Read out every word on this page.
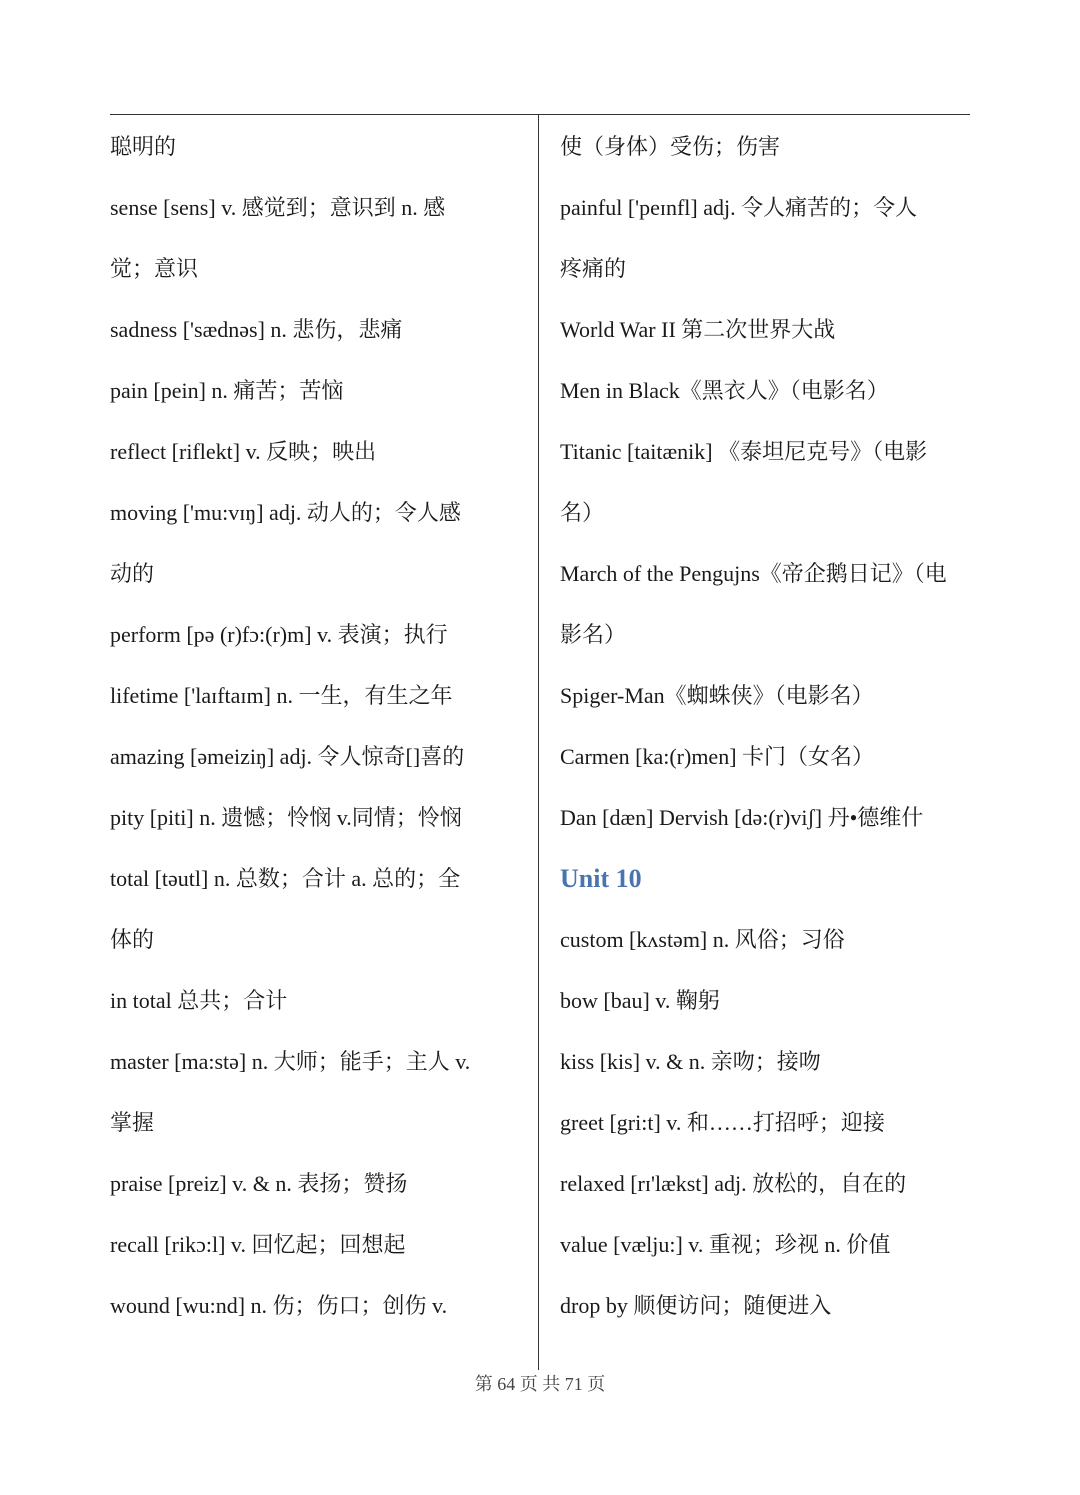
聪明的
sense [sens] v. 感觉到；意识到 n. 感
觉；意识
sadness ['sædnəs] n. 悲伤，悲痛
pain [pein] n. 痛苦；苦恼
reflect [riflekt] v. 反映；映出
moving ['mu:vɪŋ] adj. 动人的；令人感
动的
perform [pə (r)fɔ:(r)m] v. 表演；执行
lifetime ['laɪftaɪm] n. 一生，有生之年
amazing [əmeiziŋ] adj. 令人惊奇[]喜的
pity [piti] n. 遗憾；怜悯 v.同情；怜悯
total [təutl] n. 总数；合计 a. 总的；全
体的
in total 总共；合计
master [ma:stə] n. 大师；能手；主人 v.
掌握
praise [preiz] v. & n. 表扬；赞扬
recall [rikɔ:l] v. 回忆起；回想起
wound [wu:nd] n. 伤；伤口；创伤 v.
使（身体）受伤；伤害
painful ['peɪnfl] adj. 令人痛苦的；令人
疼痛的
World War II 第二次世界大战
Men in Black《黑衣人》（电影名）
Titanic [taitænik] 《泰坦尼克号》（电影
名）
March of the Pengujns《帝企鹅日记》（电
影名）
Spiger-Man《蜘蛛侠》（电影名）
Carmen [ka:(r)men] 卡门（女名）
Dan [dæn] Dervish [də:(r)viʃ] 丹•德维什
Unit 10
custom [kʌstəm] n. 风俗；习俗
bow [bau] v. 鞠躬
kiss [kis] v. & n. 亲吻；接吻
greet [gri:t] v. 和……打招呼；迎接
relaxed [rɪ'lækst] adj. 放松的，自在的
value [vælju:] v. 重视；珍视 n. 价值
drop by 顺便访问；随便进入
第 64 页 共 71 页
